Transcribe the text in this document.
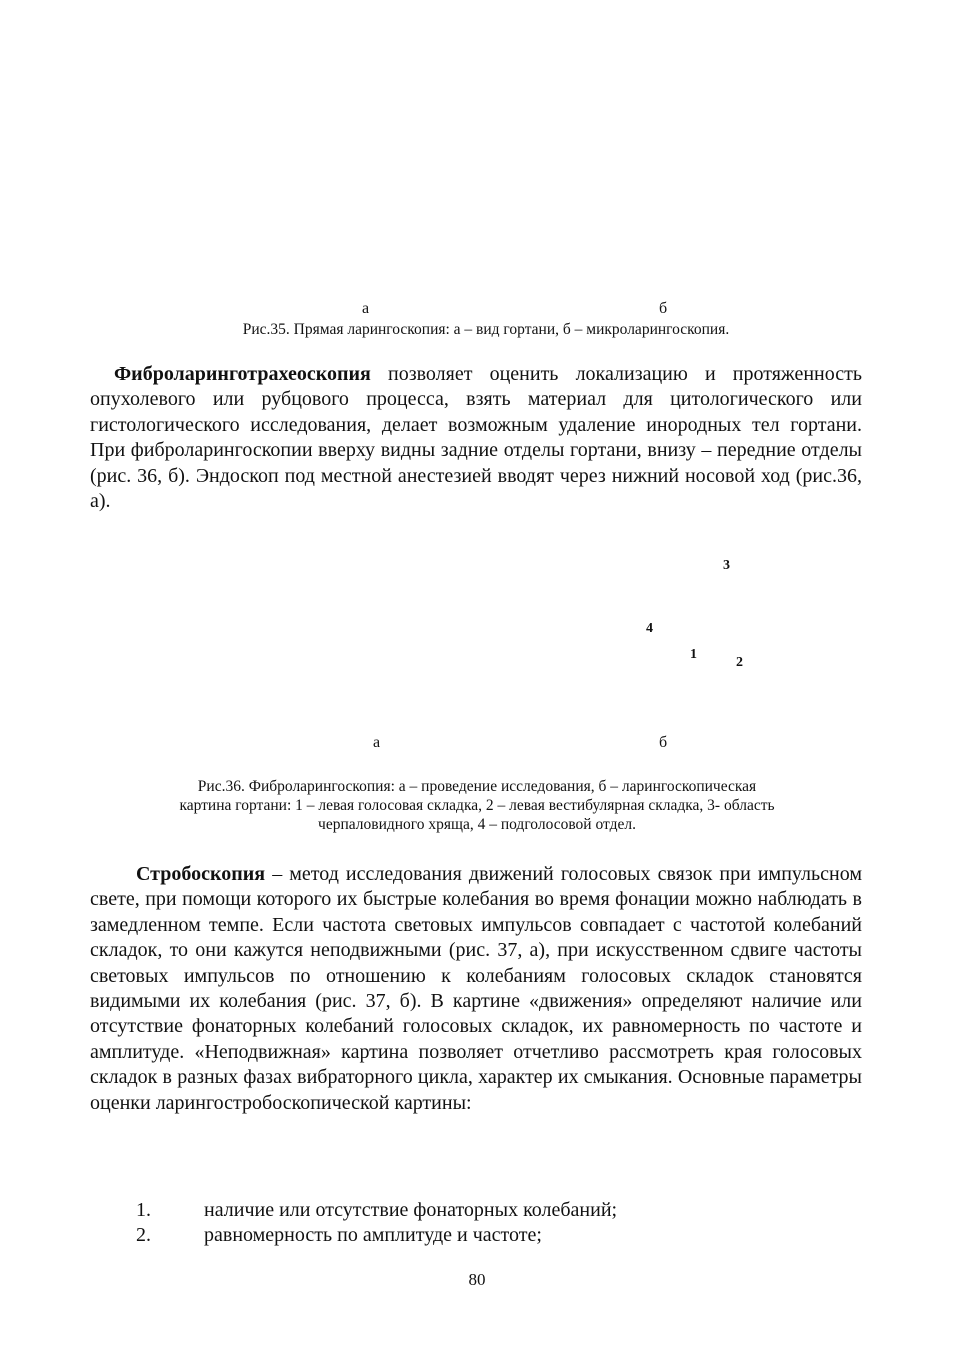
а	б
Рис.35. Прямая ларингоскопия: а – вид гортани, б – микроларингоскопия.

Фиброларинготрахеоскопия позволяет оценить локализацию и протяженность опухолевого или рубцового процесса, взять материал для цитологического или гистологического исследования, делает возможным удаление инородных тел гортани. При фиброларингоскопии вверху видны задние отделы гортани, внизу – передние отделы (рис. 36, б). Эндоскоп под местной анестезией вводят через нижний носовой ход (рис.36, а).

3
4
1
2
а	б
Рис.36. Фиброларингоскопия: а – проведение исследования, б – ларингоскопическая
картина гортани: 1 – левая голосовая складка, 2 – левая вестибулярная складка, 3- область
черпаловидного хряща, 4 – подголосовой отдел.

Стробоскопия – метод исследования движений голосовых связок при импульсном свете, при помощи которого их быстрые колебания во время фонации можно наблюдать в замедленном темпе. Если частота световых импульсов совпадает с частотой колебаний складок, то они кажутся неподвижными (рис. 37, а), при искусственном сдвиге частоты световых импульсов по отношению к колебаниям голосовых складок становятся видимыми их колебания (рис. 37, б). В картине «движения» определяют наличие или отсутствие фонаторных колебаний голосовых складок, их равномерность по частоте и амплитуде. «Неподвижная» картина позволяет отчетливо рассмотреть края голосовых складок в разных фазах вибраторного цикла, характер их смыкания. Основные параметры оценки ларингостробоскопической картины:

1.	наличие или отсутствие фонаторных колебаний;
2.	равномерность по амплитуде и частоте;
80
